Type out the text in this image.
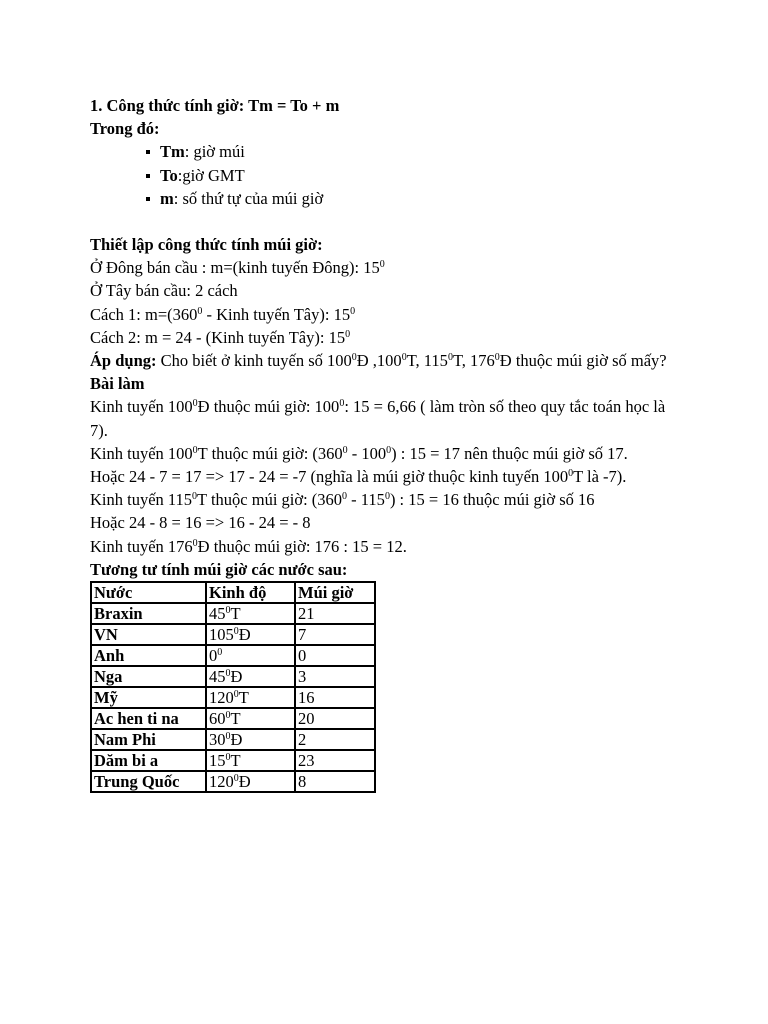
1. Công thức tính giờ: Tm = To + m

Trong đó:

Tm: giờ múi
To:giờ GMT
m: số thứ tự của múi giờ

Thiết lập công thức tính múi giờ:

Ở Đông bán cầu : m=(kinh tuyến Đông): $15^0$

Ở Tây bán cầu: 2 cách

Cách 1: $m=(360^0$ - Kinh tuyến Tây): $15^0$

Cách 2: m = 24 - (Kinh tuyến Tây): $15^0$

Áp dụng: Cho biết ở kinh tuyến số $100^0Đ$ ,100$^0$T, $115^0T$, $176^0Đ$ thuộc múi giờ số mấy?

Bài làm

Kinh tuyến $100^0Đ$ thuộc múi giờ: $100^0$: 15 = 6,66 ( làm tròn số theo quy tắc toán học là 7).

Kinh tuyến $100^0T$ thuộc múi giờ: $(360^0 - 100^0)$ : 15 = 17 nên thuộc múi giờ số 17.

Hoặc 24 - 7 = 17 => 17 - 24 = -7 (nghĩa là múi giờ thuộc kinh tuyến $100^0T$ là -7).

Kinh tuyến $115^0T$ thuộc múi giờ: $(360^0 - 115^0)$ : 15 = 16 thuộc múi giờ số 16

Hoặc 24 - 8 = 16 => 16 - 24 = - 8

Kinh tuyến $176^0Đ$ thuộc múi giờ: 176 : 15 = 12.

Tương tư tính múi giờ các nước sau:

Nước	Kinh độ	Múi giờ
Braxin	$45^0T$	21
VN	$105^0Đ$	7
Anh	$0^0$	0
Nga	$45^0Đ$	3
Mỹ	$120^0T$	16
Ac hen ti na	$60^0T$	20
Nam Phi	$30^0Đ$	2
Dăm bi a	$15^0T$	23
Trung Quốc	$120^0Đ$	8
